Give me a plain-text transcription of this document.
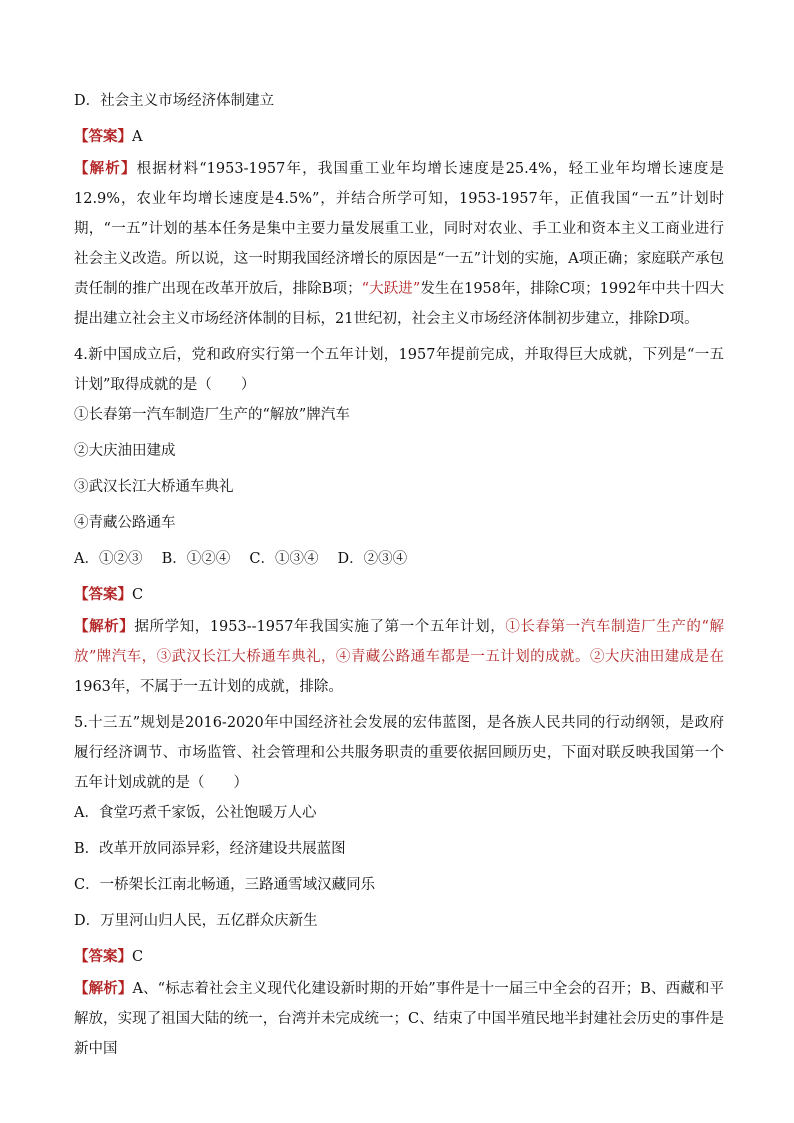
D．社会主义市场经济体制建立
【答案】A
【解析】根据材料“1953-1957年，我国重工业年均增长速度是25.4%，轻工业年均增长速度是12.9%，农业年均增长速度是4.5%”，并结合所学可知，1953-1957年，正值我国“一五”计划时期，“一五”计划的基本任务是集中主要力量发展重工业，同时对农业、手工业和资本主义工商业进行社会主义改造。所以说，这一时期我国经济增长的原因是“一五”计划的实施，A项正确；家庭联产承包责任制的推广出现在改革开放后，排除B项；“大跃进”发生在1958年，排除C项；1992年中共十四大提出建立社会主义市场经济体制的目标，21世纪初，社会主义市场经济体制初步建立，排除D项。
4.新中国成立后，党和政府实行第一个五年计划，1957年提前完成，并取得巨大成就，下列是“一五计划”取得成就的是（　　）
①长春第一汽车制造厂生产的“解放”牌汽车
②大庆油田建成
③武汉长江大桥通车典礼
④青藏公路通车
A．①②③　 B．①②④　 C．①③④　 D．②③④
【答案】C
【解析】据所学知，1953--1957年我国实施了第一个五年计划，①长春第一汽车制造厂生产的“解放”牌汽车，③武汉长江大桥通车典礼，④青藏公路通车都是一五计划的成就。②大庆油田建成是在1963年，不属于一五计划的成就，排除。
5.十三五”规划是2016-2020年中国经济社会发展的宏伟蓝图，是各族人民共同的行动纲领，是政府履行经济调节、市场监管、社会管理和公共服务职责的重要依据回顾历史，下面对联反映我国第一个五年计划成就的是（　　）
A．食堂巧煮千家饭，公社饱暖万人心
B．改革开放同添异彩，经济建设共展蓝图
C．一桥架长江南北畅通，三路通雪域汉藏同乐
D．万里河山归人民，五亿群众庆新生
【答案】C
【解析】A、“标志着社会主义现代化建设新时期的开始”事件是十一届三中全会的召开；B、西藏和平解放，实现了祖国大陆的统一，台湾并未完成统一；C、结束了中国半殖民地半封建社会历史的事件是新中国
